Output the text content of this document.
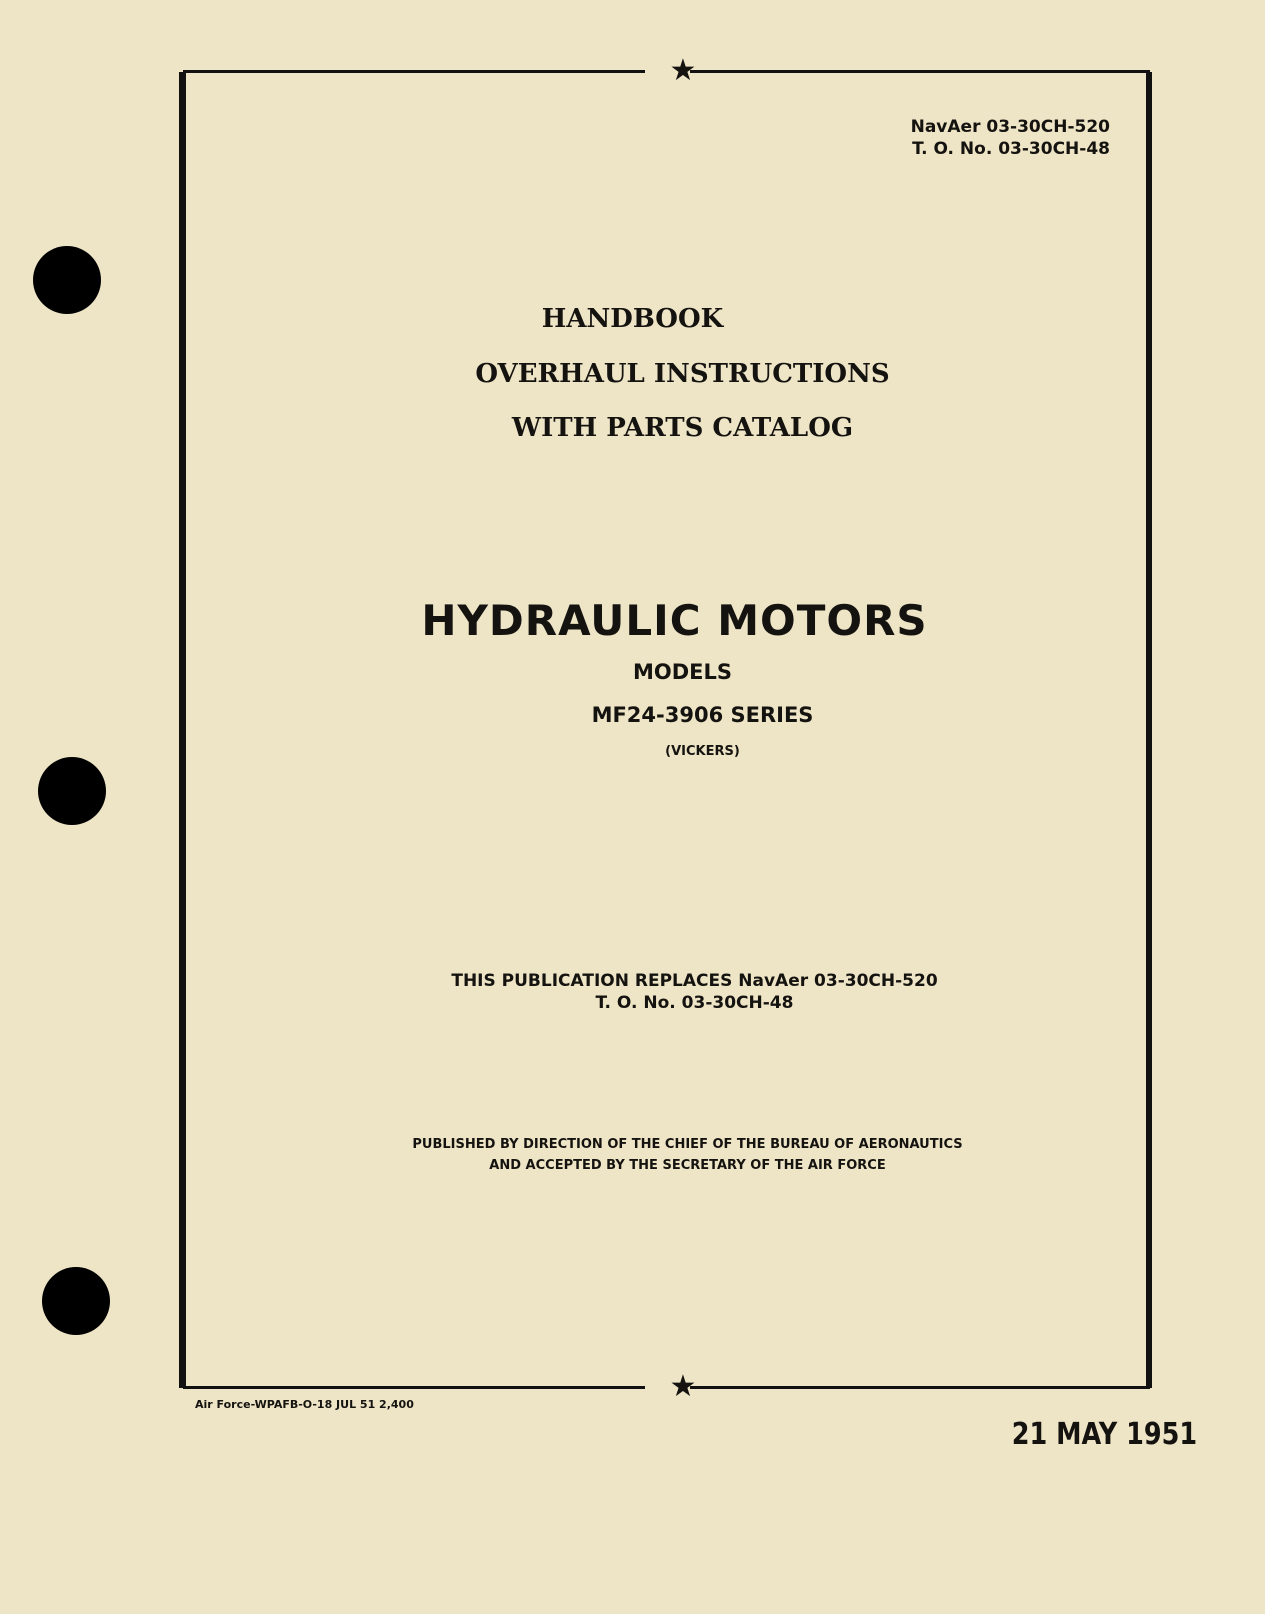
★
★
NavAer 03-30CH-520
T. O. No. 03-30CH-48
HANDBOOK
OVERHAUL INSTRUCTIONS
WITH PARTS CATALOG
HYDRAULIC MOTORS
MODELS
MF24-3906 SERIES
(VICKERS)
THIS PUBLICATION REPLACES NavAer 03-30CH-520
T. O. No. 03-30CH-48
PUBLISHED BY DIRECTION OF THE CHIEF OF THE BUREAU OF AERONAUTICS
AND ACCEPTED BY THE SECRETARY OF THE AIR FORCE
Air Force-WPAFB-O-18 JUL 51 2,400
21 MAY 1951
